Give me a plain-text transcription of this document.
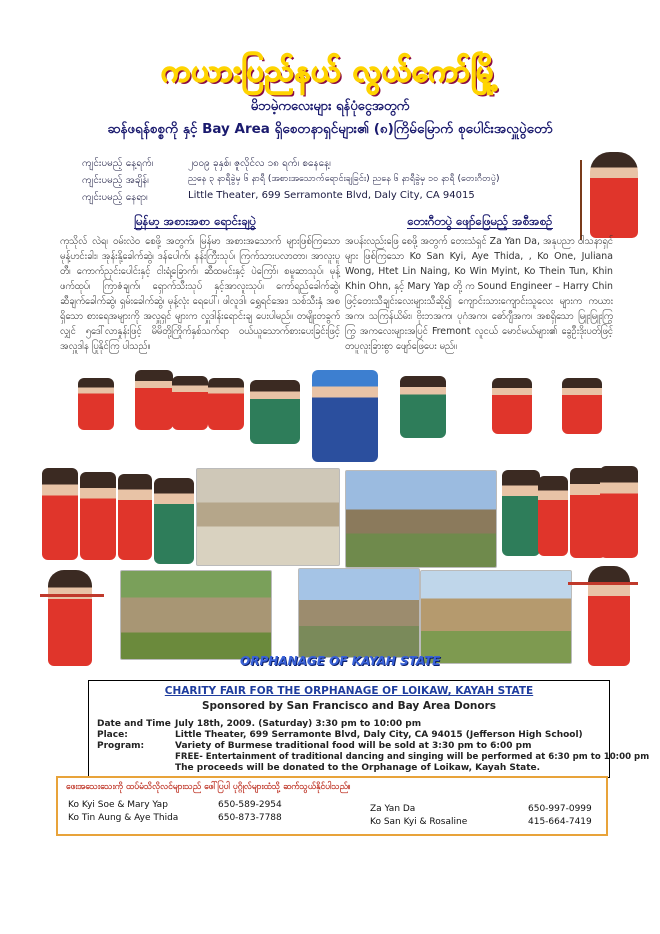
ကယားပြည်နယ် လွယ်ကော်မြို့
မိဘမဲ့ကလေးများ ရန်ပုံငွေအတွက်
ဆန်ဖရန်စစ္စကို နှင့် Bay Area ရှိစေတနာရှင်များ၏ (၈)ကြိမ်မြောက် စုပေါင်းအလှူပွဲတော်
ကျင်းပမည့် နေ့ရက်၊	၂၀၀၉ ခုနှစ်၊ ဇူလိုင်လ ၁၈ ရက်၊ စနေနေ့၊
ကျင်းပမည့် အချိန်၊	ညနေ ၃ နာရီခွဲမှ ၆ နာရီ (အစားအသောက်ရောင်းချခြင်း) ညနေ ၆ နာရီခွဲမှ ၁၀ နာရီ (တေးဂီတပွဲ)
ကျင်းပမည့် နေရာ၊	Little Theater, 699 Serramonte Blvd, Daly City, CA 94015
မြန်မာ့ အစားအစာ ရောင်းချပွဲ
ကုသိုလ် လဲရ၊ ဝမ်းလဲဝ စေဖို့ အတွက်၊ မြန်မာ အစားအသောက် များဖြစ်ကြသော မုန့်ဟင်းခါး၊ အုန်းနို့ခေါက်ဆွဲ၊ ဒန်ပေါက်၊ နန်းကြီးသုပ်၊ ကြက်သားပလာတာ၊ အာလူးပူတီ၊ ကောက်ညှင်းပေါင်းနှင့် ငါးရံ့ခြောက်၊ ဆီထမင်းနှင့် ပဲကြော်၊ စမူဆာသုပ်၊ မုန့်ဖက်ထုပ်၊ ကြာဇံချက်၊ ရှောက်သီးသုပ် နှင့်အာလူးသုပ်၊ ကော်ရည်ခေါက်ဆွဲ၊ ဆီချက်ခေါက်ဆွဲ၊ ရှမ်းခေါက်ဆွဲ၊ မုန့်လုံး ရေပေါ်၊ ဖါလူဒါ၊ ရွှေရင်အေး၊ သစ်သီးနှံ အစရှိသော စားရေအများကို အလှူရှင် များက လှူဒါန်းရောင်းချ ပေးပါမည်။ တမျိုးတခွက်လျှင် ၅ဒေါ်လာနှုန်းဖြင့် မိမိတို့ကြိုက်နှစ်သက်ရာ ဝယ်ယူသောက်စားပေးခြင်းဖြင့် အလှူဒါန ပြုနိုင်ကြ ပါသည်။
တေးဂီတပွဲ ဖျော်ဖြေမည့် အစီအစဉ်
အပန်းလည်းဖြေ စေဖို့ အတွက် တေးသံရှင် Za Yan Da, အနုပညာ ဝါသနာရှင်များ ဖြစ်ကြသော Ko San Kyi, Aye Thida, , Ko One, Juliana Wong, Htet Lin Naing, Ko Win Myint, Ko Thein Tun, Khin Khin Ohn, နှင့် Mary Yap တို့ က Sound Engineer – Harry Chin ဖြင့်တေးသီချင်းလေးများသီဆို၍ ကျောင်းသားကျောင်းသူလေး များက ကယားအက၊ သကြန်ယိမ်း၊ ဗိုးဘအက၊ ပုဂံအက၊ ဓော်ဂျီအက၊ အစရှိသော မြူးမြူးကြွကြွ အကလေးများအပြင် Fremont လူငယ် မောင်မယ်များ၏ ခွေဦးဒိုးပတ်ဖြင့် တပူလူးခြားစွာ ဖျော်ဖြေပေး မည်။
ORPHANAGE OF KAYAH STATE
CHARITY FAIR FOR THE ORPHANAGE OF LOIKAW, KAYAH STATE
Sponsored by San Francisco and Bay Area Donors
Date and Time July 18th, 2009. (Saturday) 3:30 pm to 10:00 pm
Place:	Little Theater, 699 Serramonte Blvd, Daly City, CA 94015 (Jefferson High School)
Program:	Variety of Burmese traditional food will be sold at 3:30 pm to 6:00 pm
FREE- Entertainment of traditional dancing and singing will be performed at 6:30 pm to 10:00 pm
The proceeds will be donated to the Orphanage of Loikaw, Kayah State.
ဖေးအသေးသေးကို ထပ်မံသိလိုလင်များသည် ဖေါ်ပြပါ ပုဂ္ဂိုလ်များထံသို့ ဆက်သွယ်နိုင်ပါသည်။
Ko Kyi Soe & Mary Yap	650-589-2954
Ko Tin Aung & Aye Thida	650-873-7788
Za Yan Da	650-997-0999
Ko San Kyi & Rosaline	415-664-7419
